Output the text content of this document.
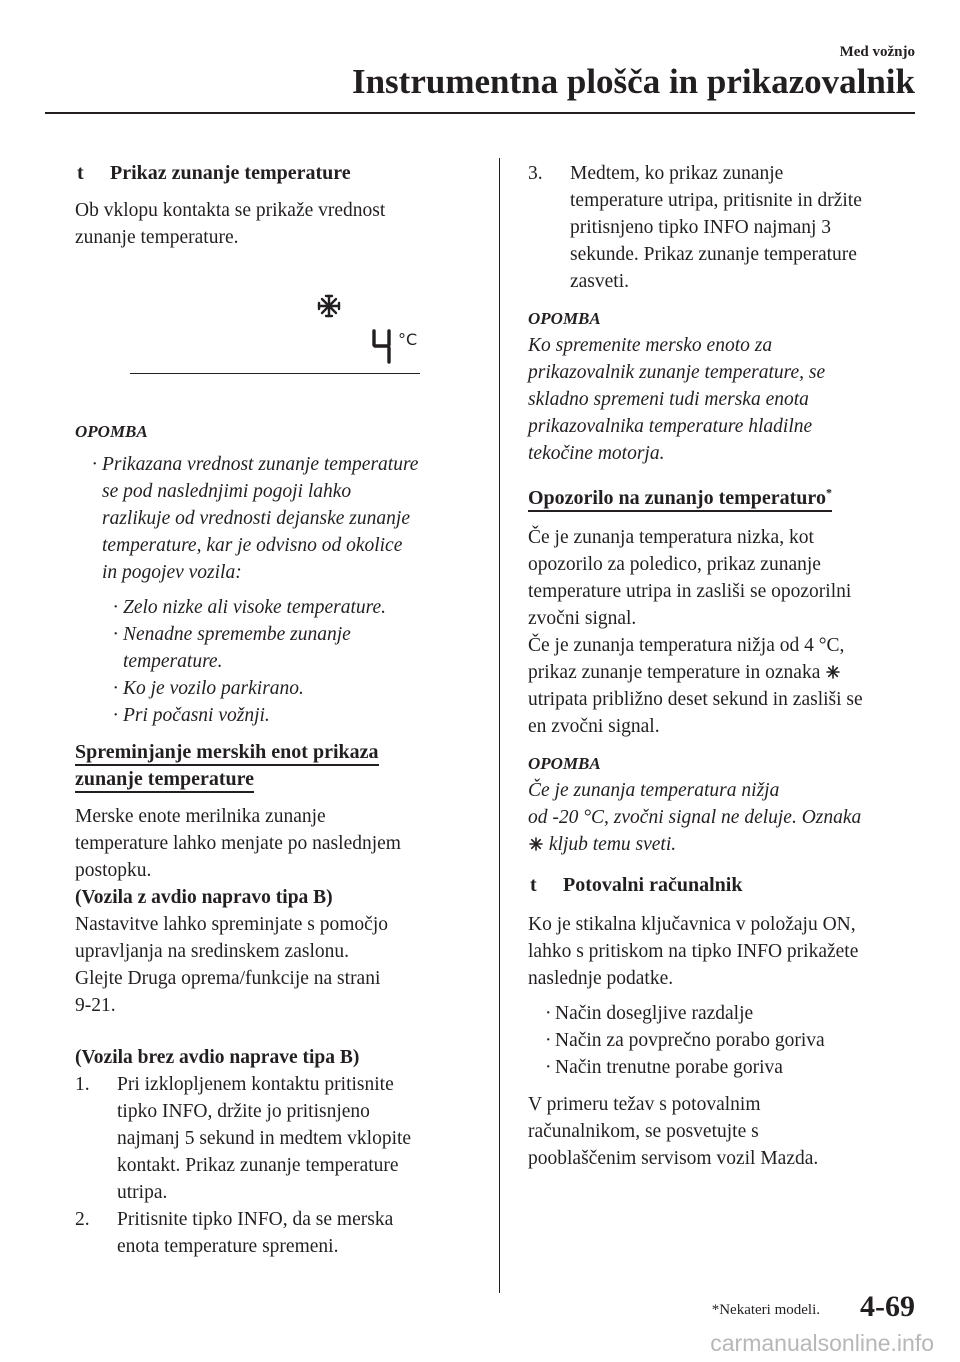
Med vožnjo
Instrumentna plošča in prikazovalnik
t Prikaz zunanje temperature

Ob vklopu kontakta se prikaže vrednost

zunanje temperature.

OPOMBA

· Prikazana vrednost zunanje temperature
se pod naslednjimi pogoji lahko
razlikuje od vrednosti dejanske zunanje
temperature, kar je odvisno od okolice
in pogojev vozila:
· Zelo nizke ali visoke temperature.
· Nenadne spremembe zunanje
temperature.
· Ko je vozilo parkirano.
· Pri počasni vožnji.

Spreminjanje merskih enot prikaza

zunanje temperature

Merske enote merilnika zunanje

temperature lahko menjate po naslednjem

postopku.

(Vozila z avdio napravo tipa B)

Nastavitve lahko spreminjate s pomočjo

upravljanja na sredinskem zaslonu.

Glejte Druga oprema/funkcije na strani

9-21.

(Vozila brez avdio naprave tipa B)

1. Pri izklopljenem kontaktu pritisnite
tipko INFO, držite jo pritisnjeno
najmanj 5 sekund in medtem vklopite
kontakt. Prikaz zunanje temperature
utripa.
2. Pritisnite tipko INFO, da se merska
enota temperature spremeni.
°C
3. Medtem, ko prikaz zunanje
temperature utripa, pritisnite in držite
pritisnjeno tipko INFO najmanj 3
sekunde. Prikaz zunanje temperature
zasveti.

OPOMBA

Ko spremenite mersko enoto za
prikazovalnik zunanje temperature, se
skladno spremeni tudi merska enota
prikazovalnika temperature hladilne
tekočine motorja.

Opozorilo na zunanjo temperaturo*

Če je zunanja temperatura nizka, kot

opozorilo za poledico, prikaz zunanje

temperature utripa in zasliši se opozorilni

zvočni signal.

Če je zunanja temperatura nižja od 4 °C,

prikaz zunanje temperature in oznaka

utripata približno deset sekund in zasliši se

en zvočni signal.

OPOMBA

Če je zunanja temperatura nižja
od -20 °C, zvočni signal ne deluje. Oznaka
kljub temu sveti.
t Potovalni računalnik

Ko je stikalna ključavnica v položaju ON,

lahko s pritiskom na tipko INFO prikažete

naslednje podatke.

· Način dosegljive razdalje
· Način za povprečno porabo goriva
· Način trenutne porabe goriva

V primeru težav s potovalnim

računalnikom, se posvetujte s

pooblaščenim servisom vozil Mazda.

*Nekateri modeli. 4-69
carmanualsonline.info
